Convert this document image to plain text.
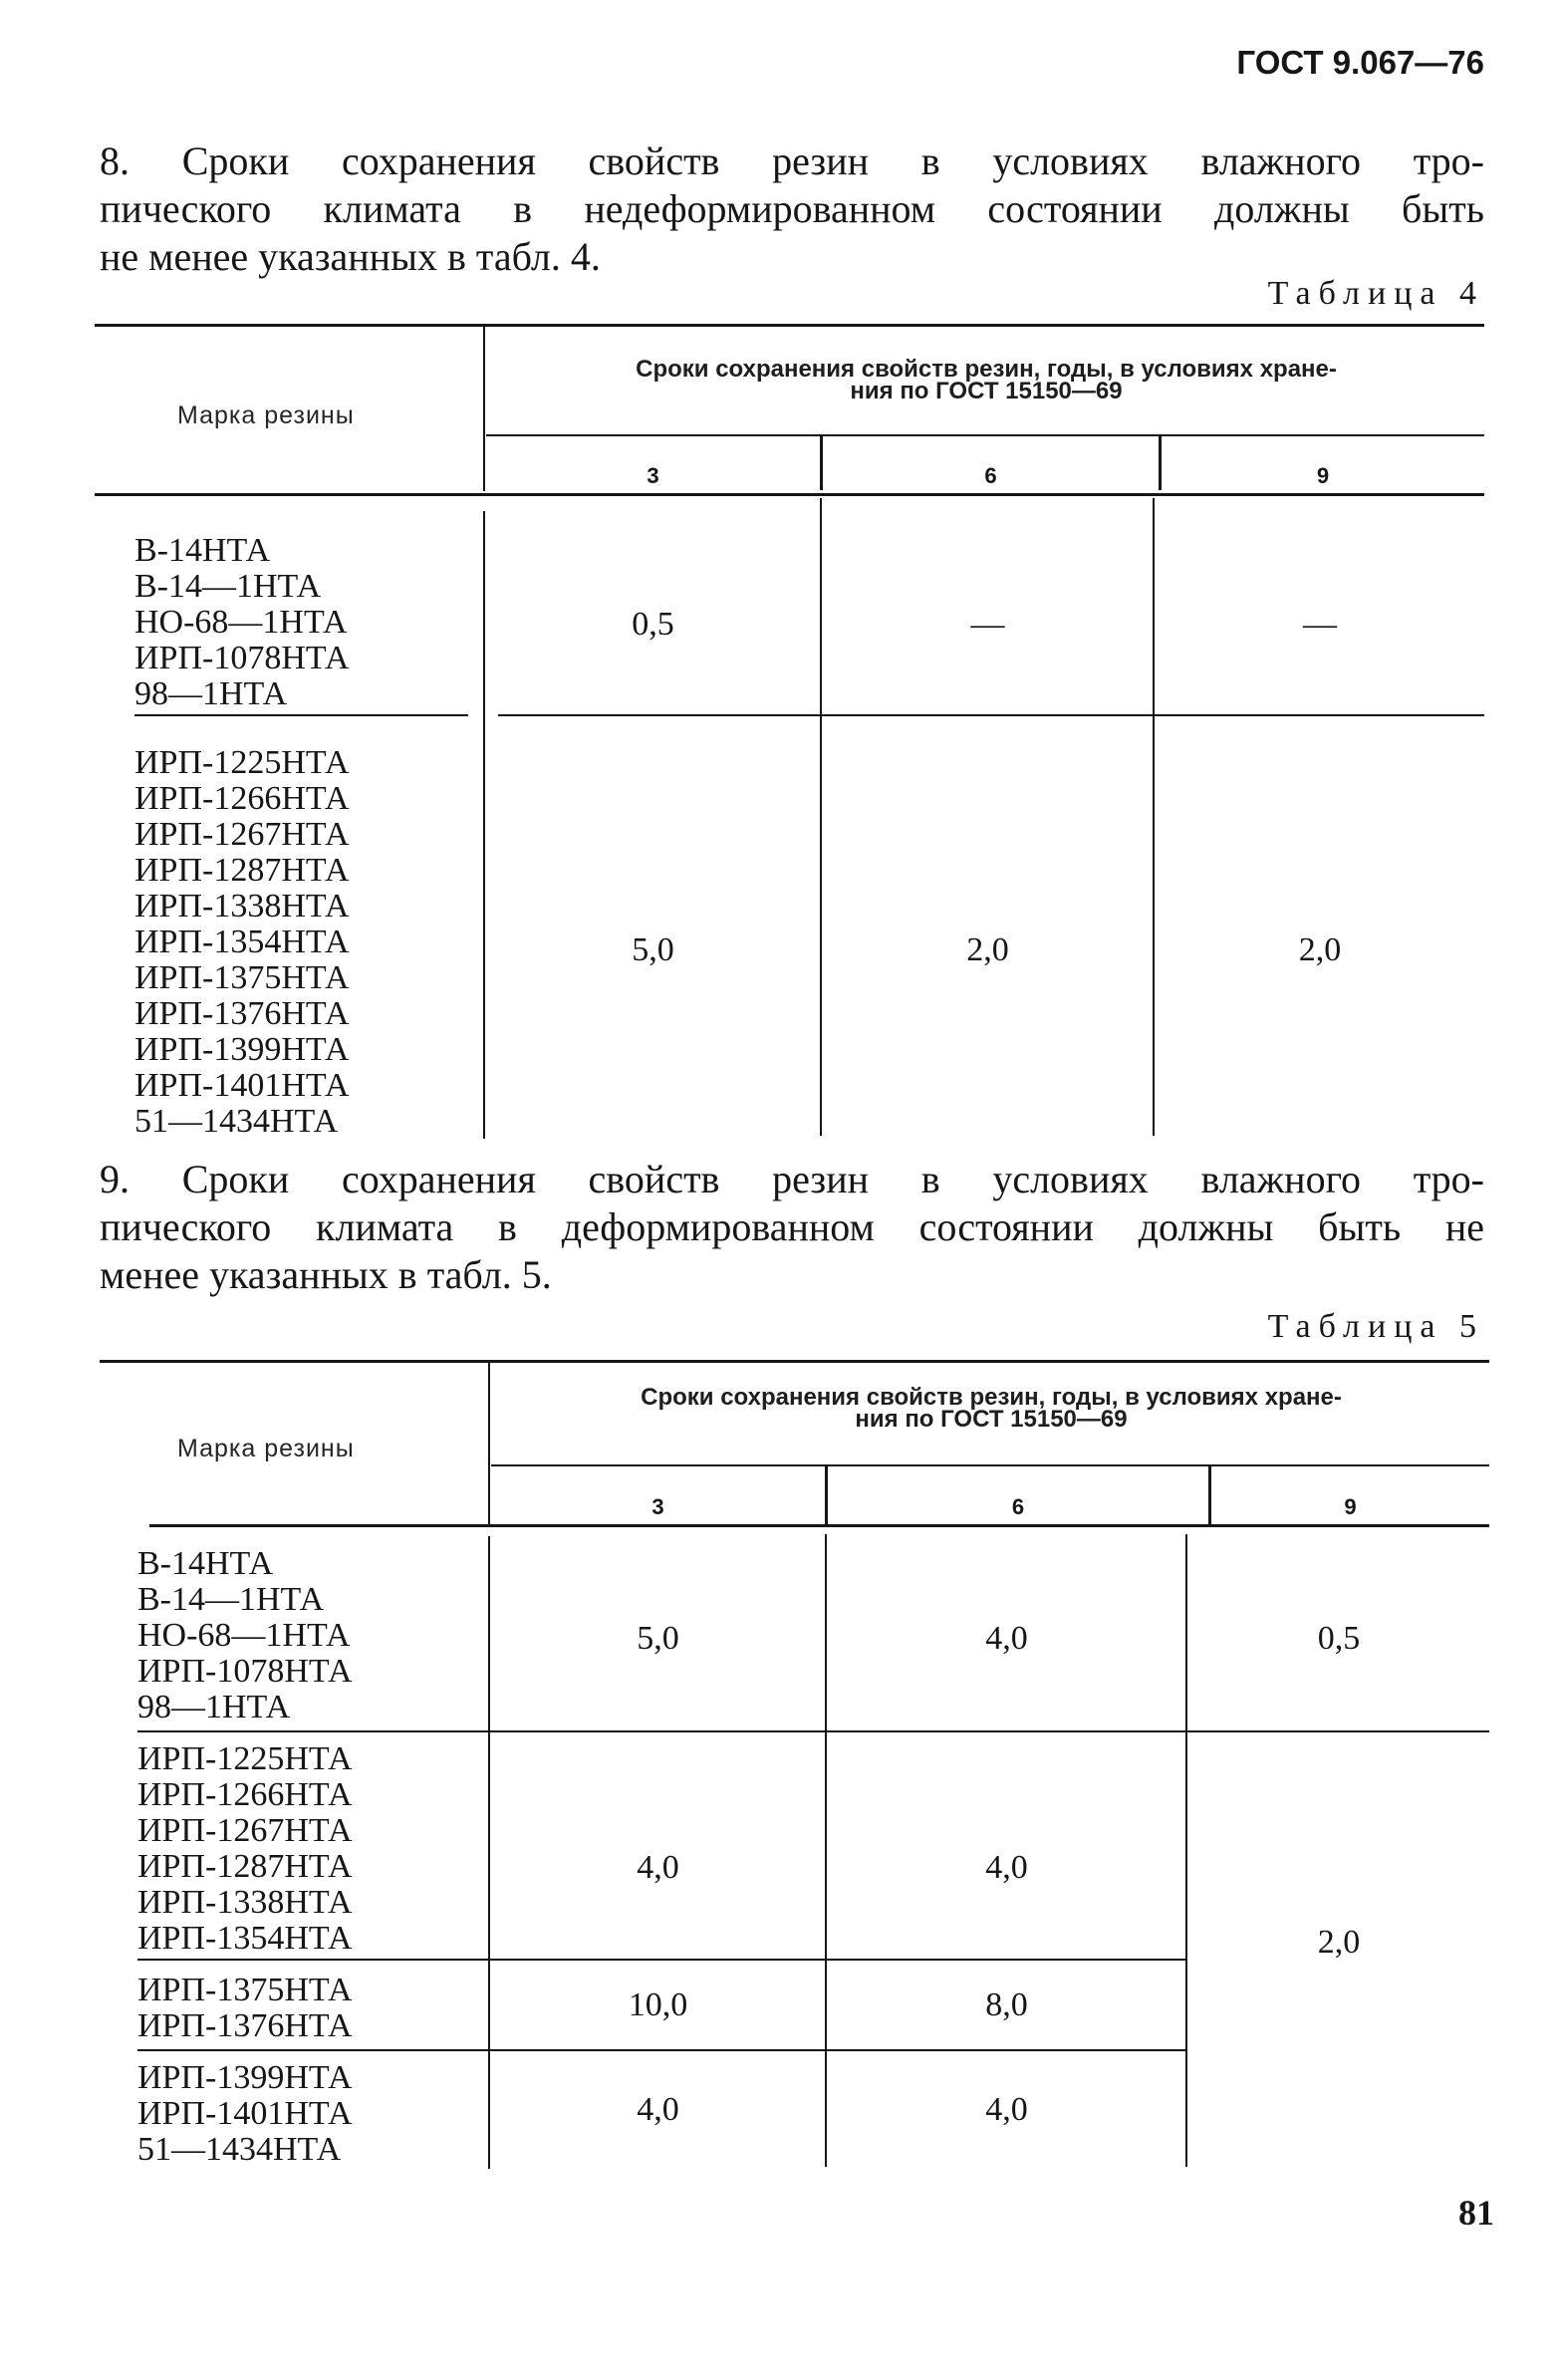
ГОСТ 9.067—76
8. Сроки сохранения свойств резин в условиях влажного тро-
пического климата в недеформированном состоянии должны быть
не менее указанных в табл. 4.
Таблица 4
Марка резины
Сроки сохранения свойств резин, годы, в условиях хране-
ния по ГОСТ 15150—69
3	6	9
В-14НТА
В-14—1НТА
НО-68—1НТА
ИРП-1078НТА
98—1НТА
0,5	—	—
ИРП-1225НТА
ИРП-1266НТА
ИРП-1267НТА
ИРП-1287НТА
ИРП-1338НТА
ИРП-1354НТА
ИРП-1375НТА
ИРП-1376НТА
ИРП-1399НТА
ИРП-1401НТА
51—1434НТА
5,0	2,0	2,0
9. Сроки сохранения свойств резин в условиях влажного тро-
пического климата в деформированном состоянии должны быть не
менее указанных в табл. 5.
Таблица 5
Марка резины
Сроки сохранения свойств резин, годы, в условиях хране-
ния по ГОСТ 15150—69
3	6	9
В-14НТА
В-14—1НТА
НО-68—1НТА
ИРП-1078НТА
98—1НТА
5,0	4,0	0,5
ИРП-1225НТА
ИРП-1266НТА
ИРП-1267НТА
ИРП-1287НТА
ИРП-1338НТА
ИРП-1354НТА
4,0	4,0
2,0
ИРП-1375НТА
ИРП-1376НТА
10,0	8,0
ИРП-1399НТА
ИРП-1401НТА
51—1434НТА
4,0	4,0
81
